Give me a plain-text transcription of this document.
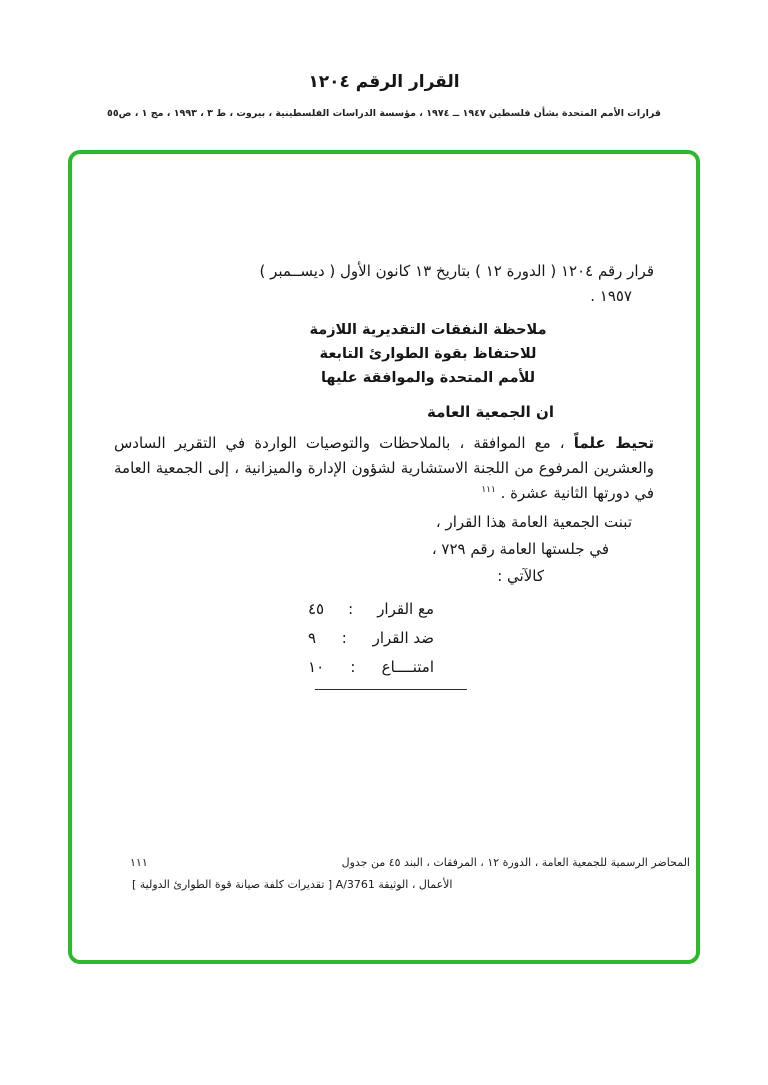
القرار الرقم ١٢٠٤
قرارات الأمم المتحدة بشأن فلسطين ١٩٤٧ ــ ١٩٧٤ ، مؤسسة الدراسات الفلسطينية ، بيروت ، ط ٣ ، ١٩٩٣ ، مج ١ ، ص٥٥
قرار رقم ١٢٠٤ ( الدورة ١٢ ) بتاريخ ١٣ كانون الأول ( ديســمبر )
١٩٥٧ .
ملاحظة النفقات التقديرية اللازمة
للاحتفاظ بقوة الطوارئ التابعة
للأمم المتحدة والموافقة عليها
ان الجمعية العامة

تحيط علماً ، مع الموافقة ، بالملاحظات والتوصيات الواردة في التقرير السادس والعشرين المرفوع من اللجنة الاستشارية لشؤون الإدارة والميزانية ، إلى الجمعية العامة في دورتها الثانية عشرة . $^{١١١}$

تبنت الجمعية العامة هذا القرار ،
في جلستها العامة رقم ٧٢٩ ،
كالآتي :
مع القرار
:
٤٥
ضد القرار
:
٩
امتنــــاع
:
١٠
١١١	المحاضر الرسمية للجمعية العامة ، الدورة ١٢ ، المرفقات ، البند ٤٥ من جدول
الأعمال ، الوثيقة A/3761 [ تقديرات كلفة صيانة قوة الطوارئ الدولية ]
